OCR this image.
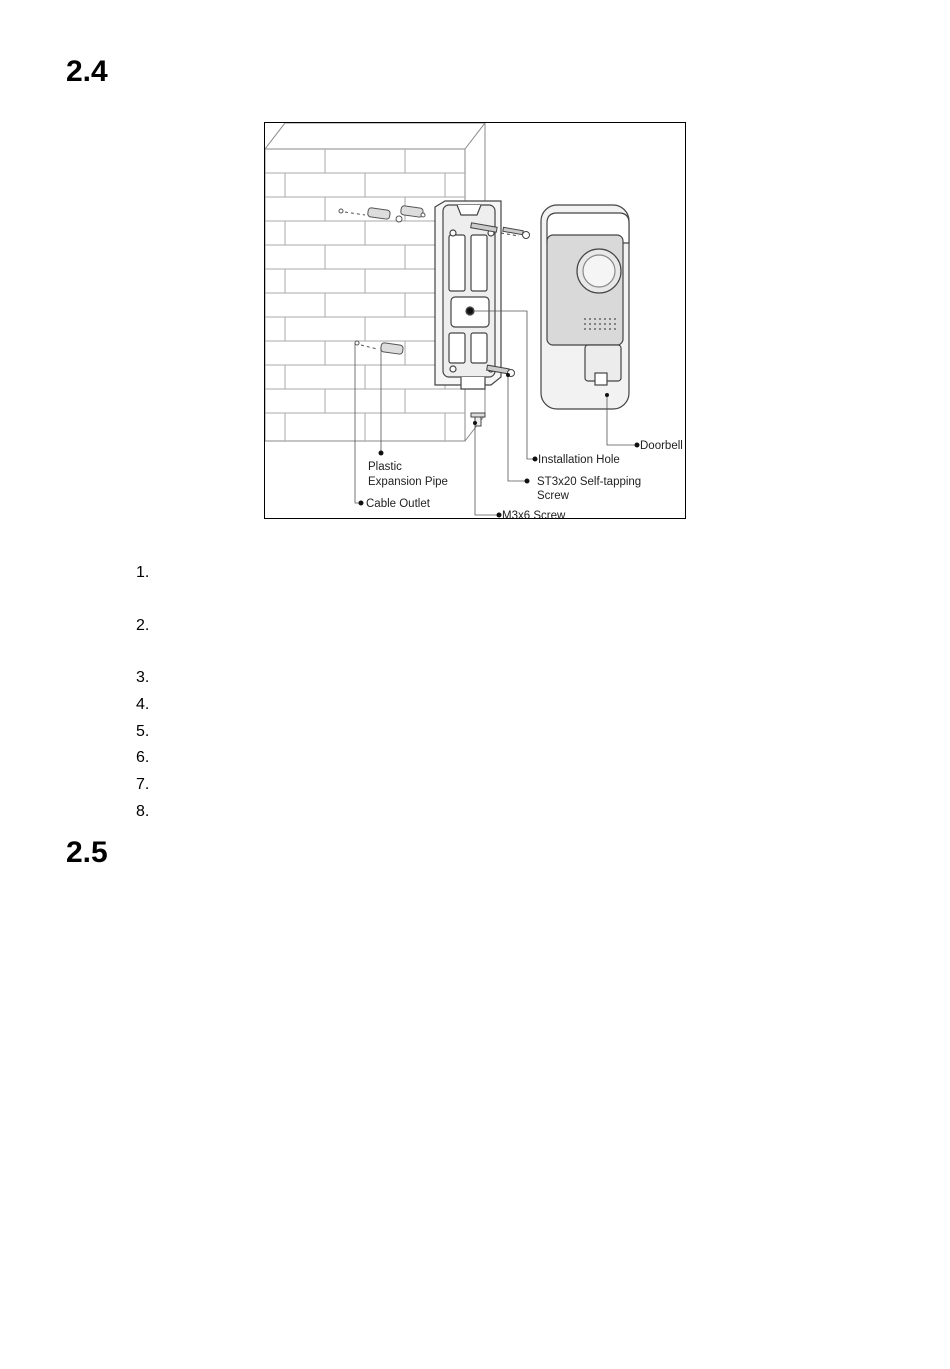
2.4
Doorbell
Installation Hole
ST3x20 Self-tapping
Screw
Plastic
Expansion Pipe
Cable Outlet
M3x6 Screw
1.
2.
3.
4.
5.
6.
7.
8.
2.5
